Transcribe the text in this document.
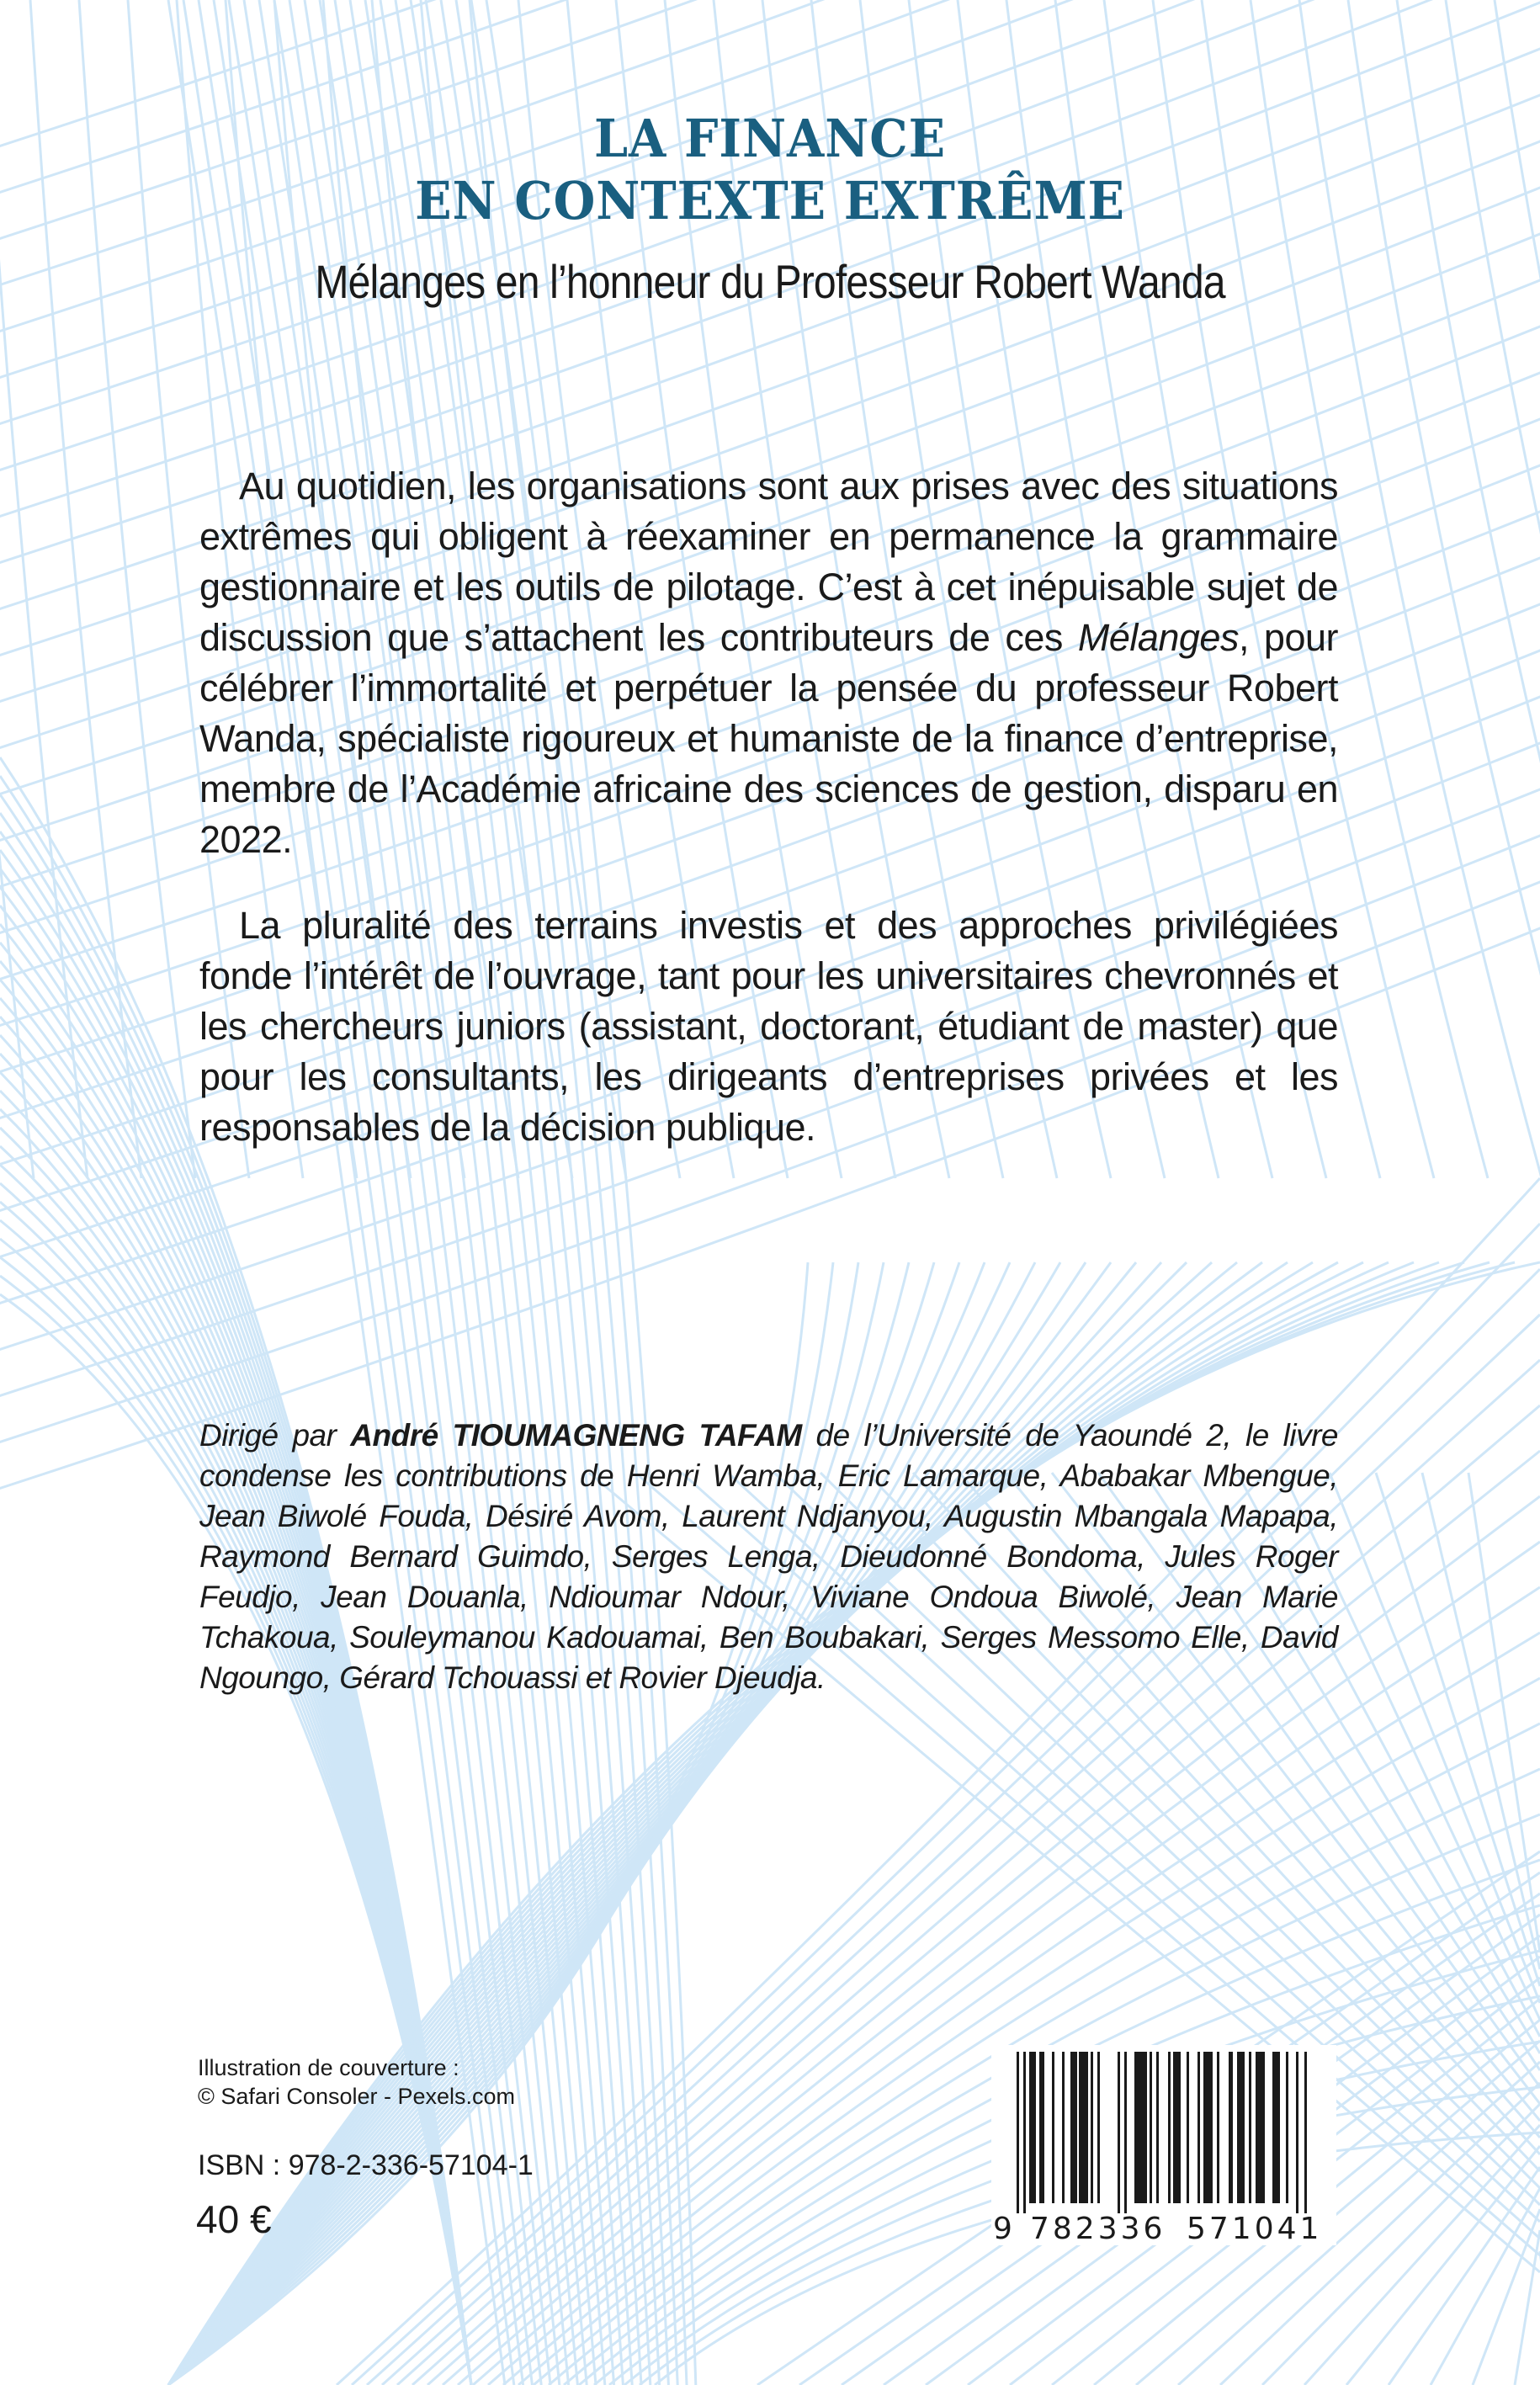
LA FINANCE
EN CONTEXTE EXTRÊME
Mélanges en l’honneur du Professeur Robert Wanda

Au quotidien, les organisations sont aux prises avec des situations extrêmes qui obligent à réexaminer en permanence la grammaire gestionnaire et les outils de pilotage. C’est à cet inépuisable sujet de discussion que s’attachent les contributeurs de ces Mélanges, pour célébrer l’immortalité et perpétuer la pensée du professeur Robert Wanda, spécialiste rigoureux et humaniste de la finance d’entreprise, membre de l’Académie africaine des sciences de gestion, disparu en 2022.

La pluralité des terrains investis et des approches privilégiées fonde l’intérêt de l’ouvrage, tant pour les universitaires chevronnés et les chercheurs juniors (assistant, doctorant, étudiant de master) que pour les consultants, les dirigeants d’entreprises privées et les responsables de la décision publique.

Dirigé par André TIOUMAGNENG TAFAM de l’Université de Yaoundé 2, le livre condense les contributions de Henri Wamba, Eric Lamarque, Ababakar Mbengue, Jean Biwolé Fouda, Désiré Avom, Laurent Ndjanyou, Augustin Mbangala Mapapa, Raymond Bernard Guimdo, Serges Lenga, Dieudonné Bondoma, Jules Roger Feudjo, Jean Douanla, Ndioumar Ndour, Viviane Ondoua Biwolé, Jean Marie Tchakoua, Souleymanou Kadouamai, Ben Boubakari, Serges Messomo Elle, David Ngoungo, Gérard Tchouassi et Rovier Djeudja.
Illustration de couverture :
© Safari Consoler - Pexels.com
ISBN : 978-2-336-57104-1
40 €	9 782336 571041
